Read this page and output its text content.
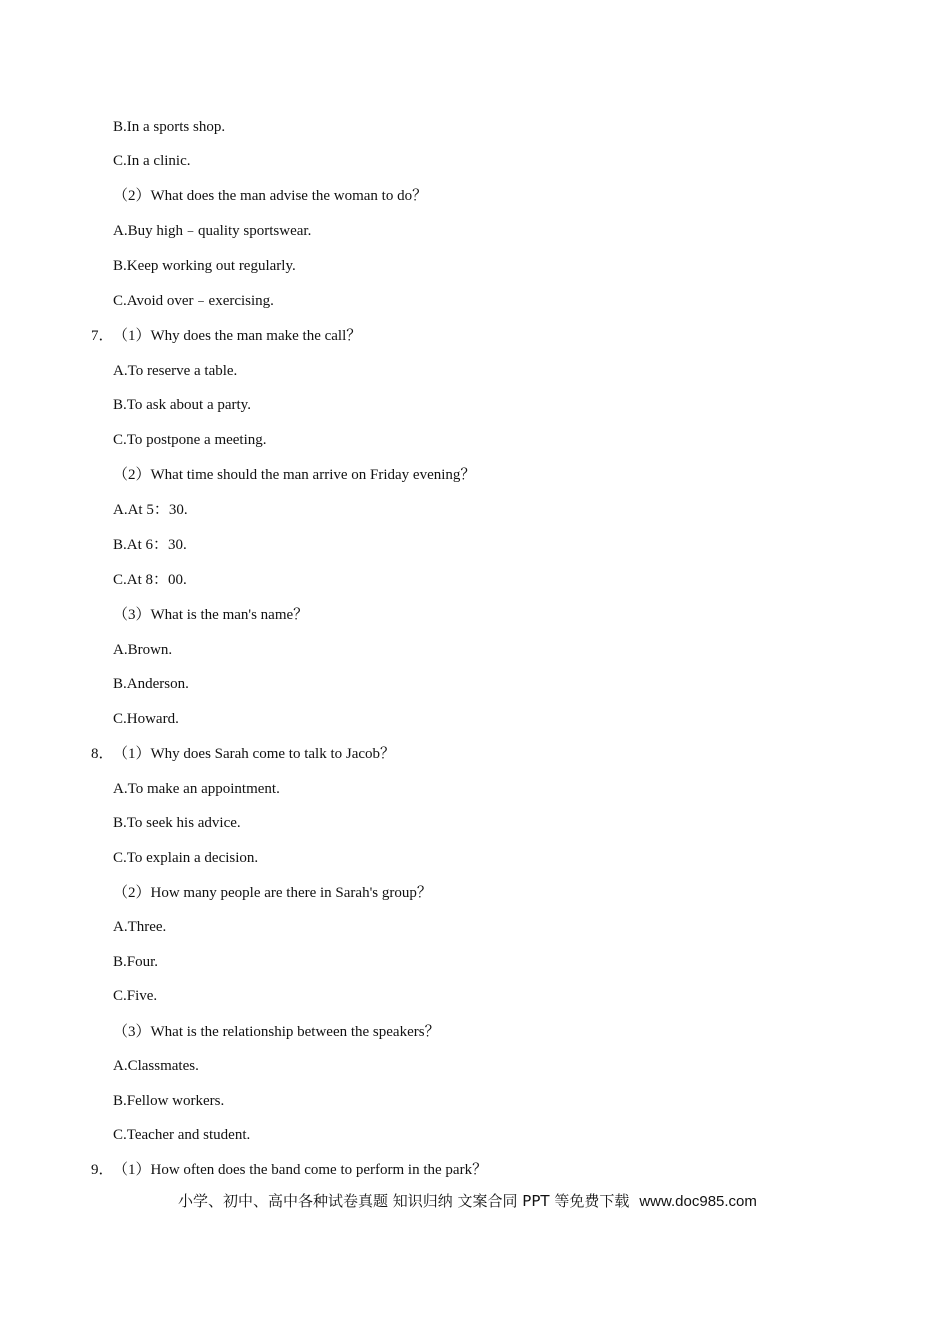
B.In a sports shop.
C.In a clinic.
（2）What does the man advise the woman to do？
A.Buy high﹣quality sportswear.
B.Keep working out regularly.
C.Avoid over﹣exercising.
7．（1）Why does the man make the call？
A.To reserve a table.
B.To ask about a party.
C.To postpone a meeting.
（2）What time should the man arrive on Friday evening？
A.At 5：30.
B.At 6：30.
C.At 8：00.
（3）What is the man's name？
A.Brown.
B.Anderson.
C.Howard.
8．（1）Why does Sarah come to talk to Jacob？
A.To make an appointment.
B.To seek his advice.
C.To explain a decision.
（2）How many people are there in Sarah's group？
A.Three.
B.Four.
C.Five.
（3）What is the relationship between the speakers？
A.Classmates.
B.Fellow workers.
C.Teacher and student.
9．（1）How often does the band come to perform in the park？
小学、初中、高中各种试卷真题 知识归纳 文案合同 PPT 等免费下载 www.doc985.com
